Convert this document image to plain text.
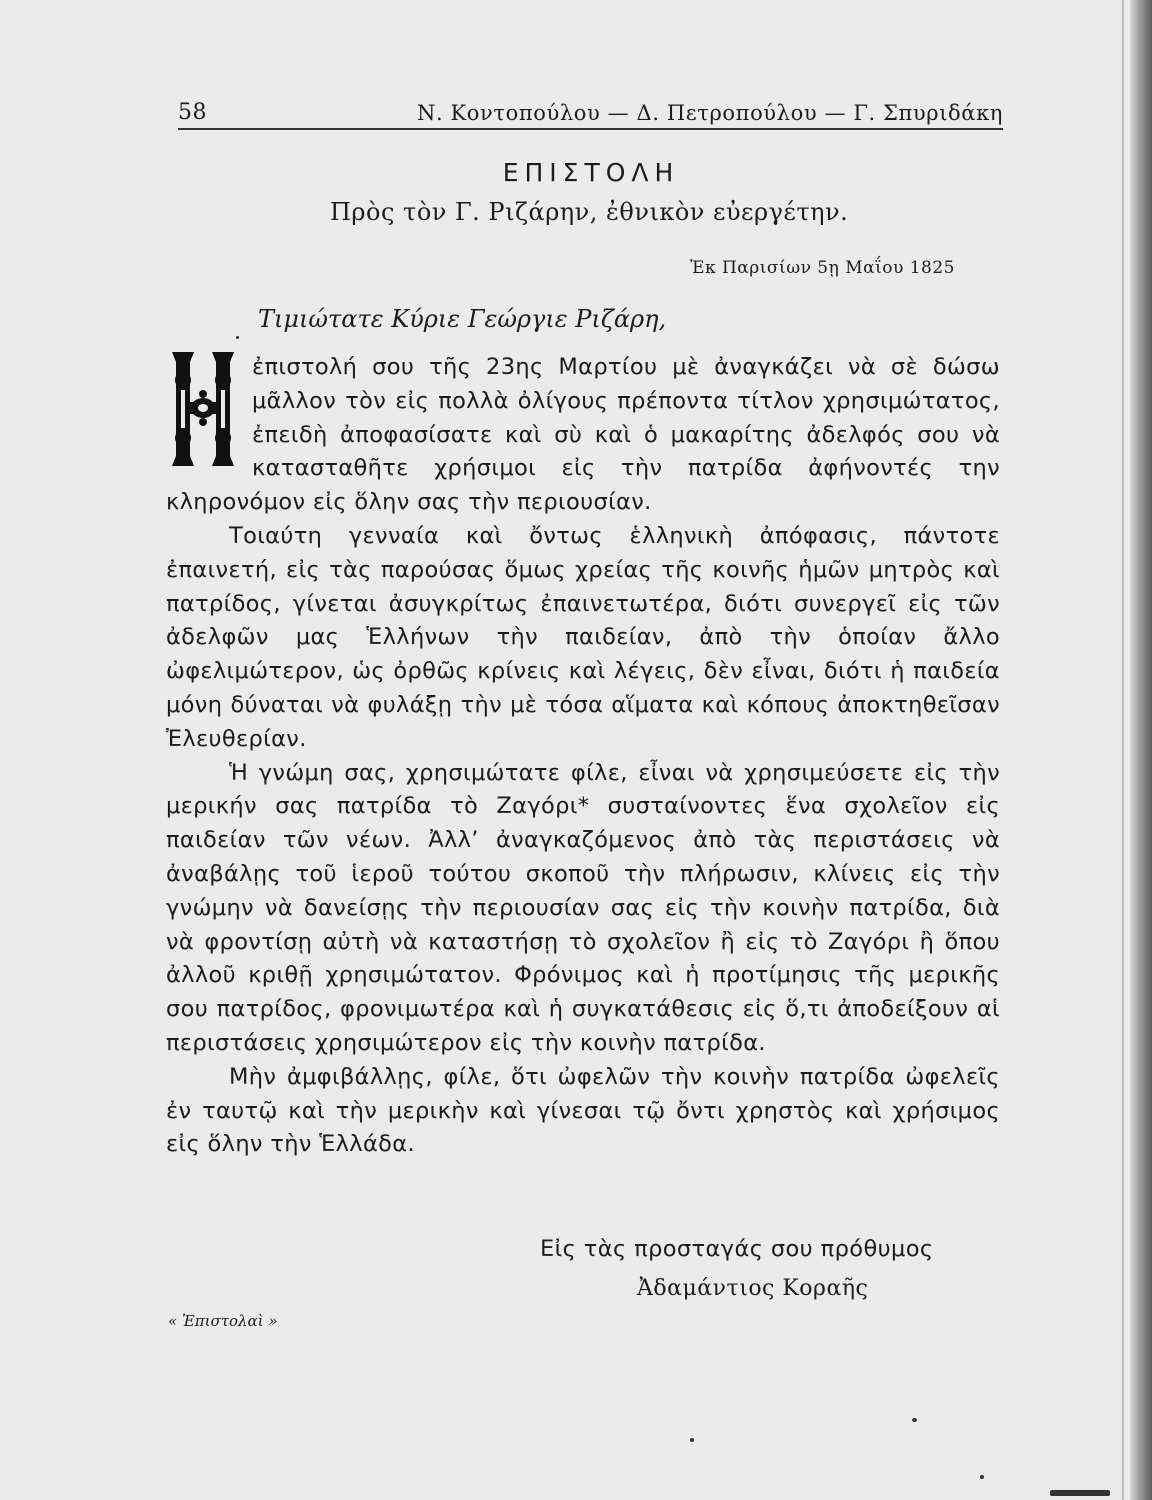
58	Ν. Κοντοπούλου — Δ. Πετροπούλου — Γ. Σπυριδάκη
ΕΠΙΣΤΟΛΗ
Πρὸς τὸν Γ. Ριζάρην, ἐθνικὸν εὐεργέτην.
Ἐκ Παρισίων 5ῃ Μαΐου 1825
Τιμιώτατε Κύριε Γεώργιε Ριζάρη,

ἐπιστολή σου τῆς 23ης Μαρτίου μὲ ἀναγκάζει νὰ σὲ δώσω μᾶλλον τὸν εἰς πολλὰ ὀλίγους πρέποντα τίτλον χρησιμώτατος, ἐπειδὴ ἀποφασίσατε καὶ σὺ καὶ ὁ μακαρίτης ἀδελφός σου νὰ κατασταθῆτε χρήσιμοι εἰς τὴν πατρίδα ἀφήνοντές την κληρονόμον εἰς ὅλην σας τὴν περιουσίαν.

Τοιαύτη γενναία καὶ ὄντως ἑλληνικὴ ἀπόφασις, πάντοτε ἐπαινετή, εἰς τὰς παρούσας ὅμως χρείας τῆς κοινῆς ἡμῶν μητρὸς καὶ πατρίδος, γίνεται ἀσυγκρίτως ἐπαινετωτέρα, διότι συνεργεῖ εἰς τῶν ἀδελφῶν μας Ἑλλήνων τὴν παιδείαν, ἀπὸ τὴν ὁποίαν ἄλλο ὠφελιμώτερον, ὡς ὀρθῶς κρίνεις καὶ λέγεις, δὲν εἶναι, διότι ἡ παιδεία μόνη δύναται νὰ φυλάξῃ τὴν μὲ τόσα αἵματα καὶ κόπους ἀποκτηθεῖσαν Ἐλευθερίαν.

Ἡ γνώμη σας, χρησιμώτατε φίλε, εἶναι νὰ χρησιμεύσετε εἰς τὴν μερικήν σας πατρίδα τὸ Ζαγόρι* συσταίνοντες ἕνα σχολεῖον εἰς παιδείαν τῶν νέων. Ἀλλ’ ἀναγκαζόμενος ἀπὸ τὰς περιστάσεις νὰ ἀναβάλῃς τοῦ ἱεροῦ τούτου σκοποῦ τὴν πλήρωσιν, κλίνεις εἰς τὴν γνώμην νὰ δανείσῃς τὴν περιουσίαν σας εἰς τὴν κοινὴν πατρίδα, διὰ νὰ φροντίσῃ αὐτὴ νὰ καταστήσῃ τὸ σχολεῖον ἢ εἰς τὸ Ζαγόρι ἢ ὅπου ἀλλοῦ κριθῇ χρησιμώτατον. Φρόνιμος καὶ ἡ προτίμησις τῆς μερικῆς σου πατρίδος, φρονιμωτέρα καὶ ἡ συγκατάθεσις εἰς ὅ,τι ἀποδείξουν αἱ περιστάσεις χρησιμώτερον εἰς τὴν κοινὴν πατρίδα.

Μὴν ἀμφιβάλλῃς, φίλε, ὅτι ὠφελῶν τὴν κοινὴν πατρίδα ὠφελεῖς ἐν ταυτῷ καὶ τὴν μερικὴν καὶ γίνεσαι τῷ ὄντι χρηστὸς καὶ χρήσιμος εἰς ὅλην τὴν Ἑλλάδα.

Εἰς τὰς προσταγάς σου πρόθυμος
Ἀδαμάντιος Κοραῆς
« Ἐπιστολαὶ »
